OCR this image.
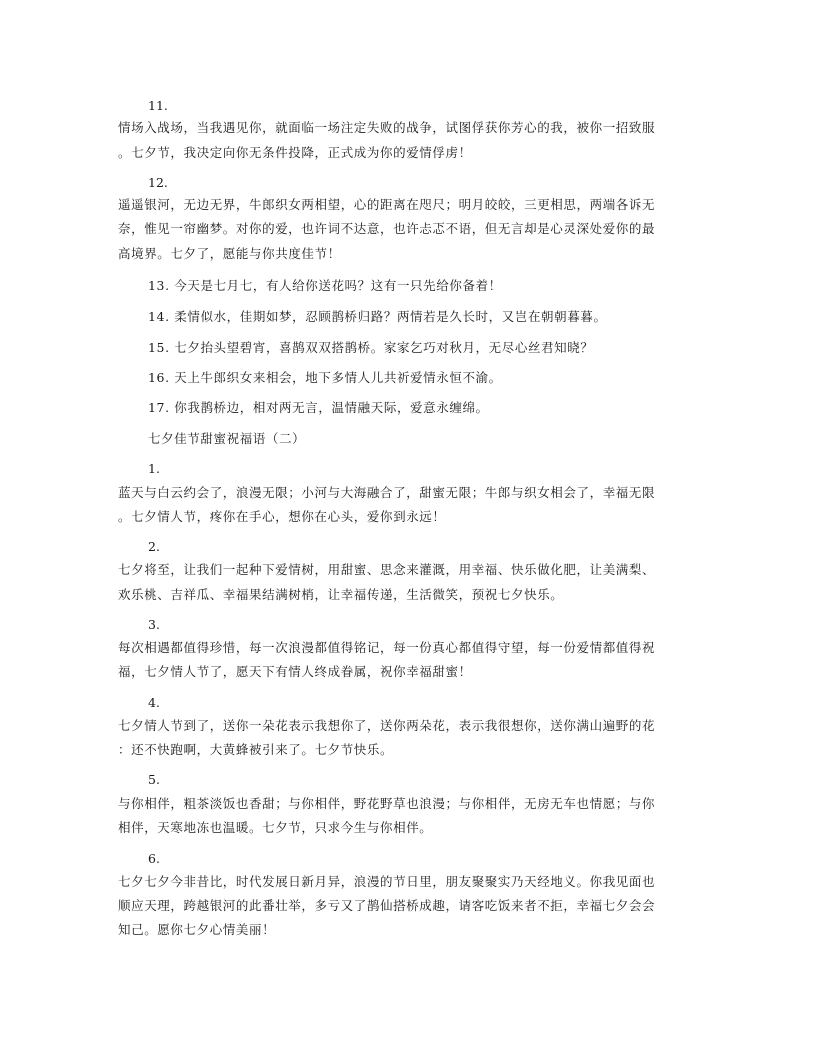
11.
情场入战场，当我遇见你，就面临一场注定失败的战争，试图俘获你芳心的我，被你一招致服
。七夕节，我决定向你无条件投降，正式成为你的爱情俘虏！
12.
遥遥银河，无边无界，牛郎织女两相望，心的距离在咫尺；明月皎皎，三更相思，两端各诉无
奈，惟见一帘幽梦。对你的爱，也许词不达意，也许忐忑不语，但无言却是心灵深处爱你的最
高境界。七夕了，愿能与你共度佳节！
13. 今天是七月七，有人给你送花吗？这有一只先给你备着！
14. 柔情似水，佳期如梦，忍顾鹊桥归路？两情若是久长时，又岂在朝朝暮暮。
15. 七夕抬头望碧宵，喜鹊双双搭鹊桥。家家乞巧对秋月，无尽心丝君知晓？
16. 天上牛郎织女来相会，地下多情人儿共祈爱情永恒不渝。
17. 你我鹊桥边，相对两无言，温情融天际，爱意永缠绵。
七夕佳节甜蜜祝福语（二）
1.
蓝天与白云约会了，浪漫无限；小河与大海融合了，甜蜜无限；牛郎与织女相会了，幸福无限
。七夕情人节，疼你在手心，想你在心头，爱你到永远！
2.
七夕将至，让我们一起种下爱情树，用甜蜜、思念来灌溉，用幸福、快乐做化肥，让美满梨、
欢乐桃、吉祥瓜、幸福果结满树梢，让幸福传递，生活微笑，预祝七夕快乐。
3.
每次相遇都值得珍惜，每一次浪漫都值得铭记，每一份真心都值得守望，每一份爱情都值得祝
福，七夕情人节了，愿天下有情人终成眷属，祝你幸福甜蜜！
4.
七夕情人节到了，送你一朵花表示我想你了，送你两朵花，表示我很想你，送你满山遍野的花
：还不快跑啊，大黄蜂被引来了。七夕节快乐。
5.
与你相伴，粗茶淡饭也香甜；与你相伴，野花野草也浪漫；与你相伴，无房无车也情愿；与你
相伴，天寒地冻也温暖。七夕节，只求今生与你相伴。
6.
七夕七夕今非昔比，时代发展日新月异，浪漫的节日里，朋友聚聚实乃天经地义。你我见面也
顺应天理，跨越银河的此番壮举，多亏又了鹊仙搭桥成趣，请客吃饭来者不拒，幸福七夕会会
知己。愿你七夕心情美丽！
